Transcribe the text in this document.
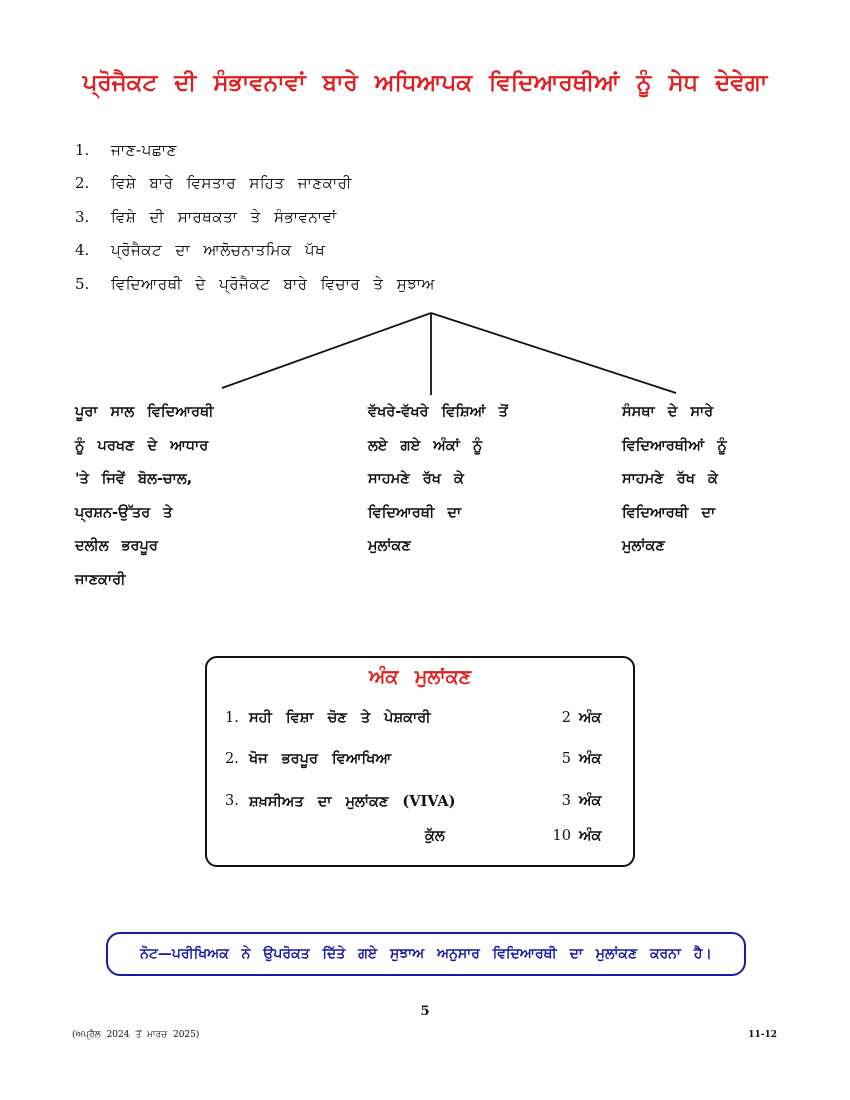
ਪ੍ਰੋਜੈਕਟ ਦੀ ਸੰਭਾਵਨਾਵਾਂ ਬਾਰੇ ਅਧਿਆਪਕ ਵਿਦਿਆਰਥੀਆਂ ਨੂੰ ਸੇਧ ਦੇਵੇਗਾ
1.	ਜਾਣ-ਪਛਾਣ
2.	ਵਿਸ਼ੇ ਬਾਰੇ ਵਿਸਤਾਰ ਸਹਿਤ ਜਾਣਕਾਰੀ
3.	ਵਿਸ਼ੇ ਦੀ ਸਾਰਥਕਤਾ ਤੇ ਸੰਭਾਵਨਾਵਾਂ
4.	ਪ੍ਰੋਜੈਕਟ ਦਾ ਆਲੋਚਨਾਤਮਿਕ ਪੱਖ
5.	ਵਿਦਿਆਰਥੀ ਦੇ ਪ੍ਰੋਜੈਕਟ ਬਾਰੇ ਵਿਚਾਰ ਤੇ ਸੁਝਾਅ
ਪੂਰਾ ਸਾਲ ਵਿਦਿਆਰਥੀ
ਨੂੰ ਪਰਖਣ ਦੇ ਆਧਾਰ
'ਤੇ ਜਿਵੇਂ ਬੋਲ-ਚਾਲ,
ਪ੍ਰਸ਼ਨ-ਉੱਤਰ ਤੇ
ਦਲੀਲ ਭਰਪੂਰ
ਜਾਣਕਾਰੀ
ਵੱਖਰੇ-ਵੱਖਰੇ ਵਿਸ਼ਿਆਂ ਤੋਂ
ਲਏ ਗਏ ਅੰਕਾਂ ਨੂੰ
ਸਾਹਮਣੇ ਰੱਖ ਕੇ
ਵਿਦਿਆਰਥੀ ਦਾ
ਮੁਲਾਂਕਣ
ਸੰਸਥਾ ਦੇ ਸਾਰੇ
ਵਿਦਿਆਰਥੀਆਂ ਨੂੰ
ਸਾਹਮਣੇ ਰੱਖ ਕੇ
ਵਿਦਿਆਰਥੀ ਦਾ
ਮੁਲਾਂਕਣ
ਅੰਕ ਮੁਲਾਂਕਣ
1. ਸਹੀ ਵਿਸ਼ਾ ਚੋਣ ਤੇ ਪੇਸ਼ਕਾਰੀ	2 ਅੰਕ
2. ਖੋਜ ਭਰਪੂਰ ਵਿਆਖਿਆ	5 ਅੰਕ
3. ਸ਼ਖ਼ਸੀਅਤ ਦਾ ਮੁਲਾਂਕਣ (VIVA)	3 ਅੰਕ
ਕੁੱਲ	10 ਅੰਕ
ਨੋਟ—ਪਰੀਖਿਅਕ ਨੇ ਉਪਰੋਕਤ ਦਿੱਤੇ ਗਏ ਸੁਝਾਅ ਅਨੁਸਾਰ ਵਿਦਿਆਰਥੀ ਦਾ ਮੁਲਾਂਕਣ ਕਰਨਾ ਹੈ।
5
(ਅਪ੍ਰੈਲ 2024 ਤੋਂ ਮਾਰਚ 2025)	11-12
